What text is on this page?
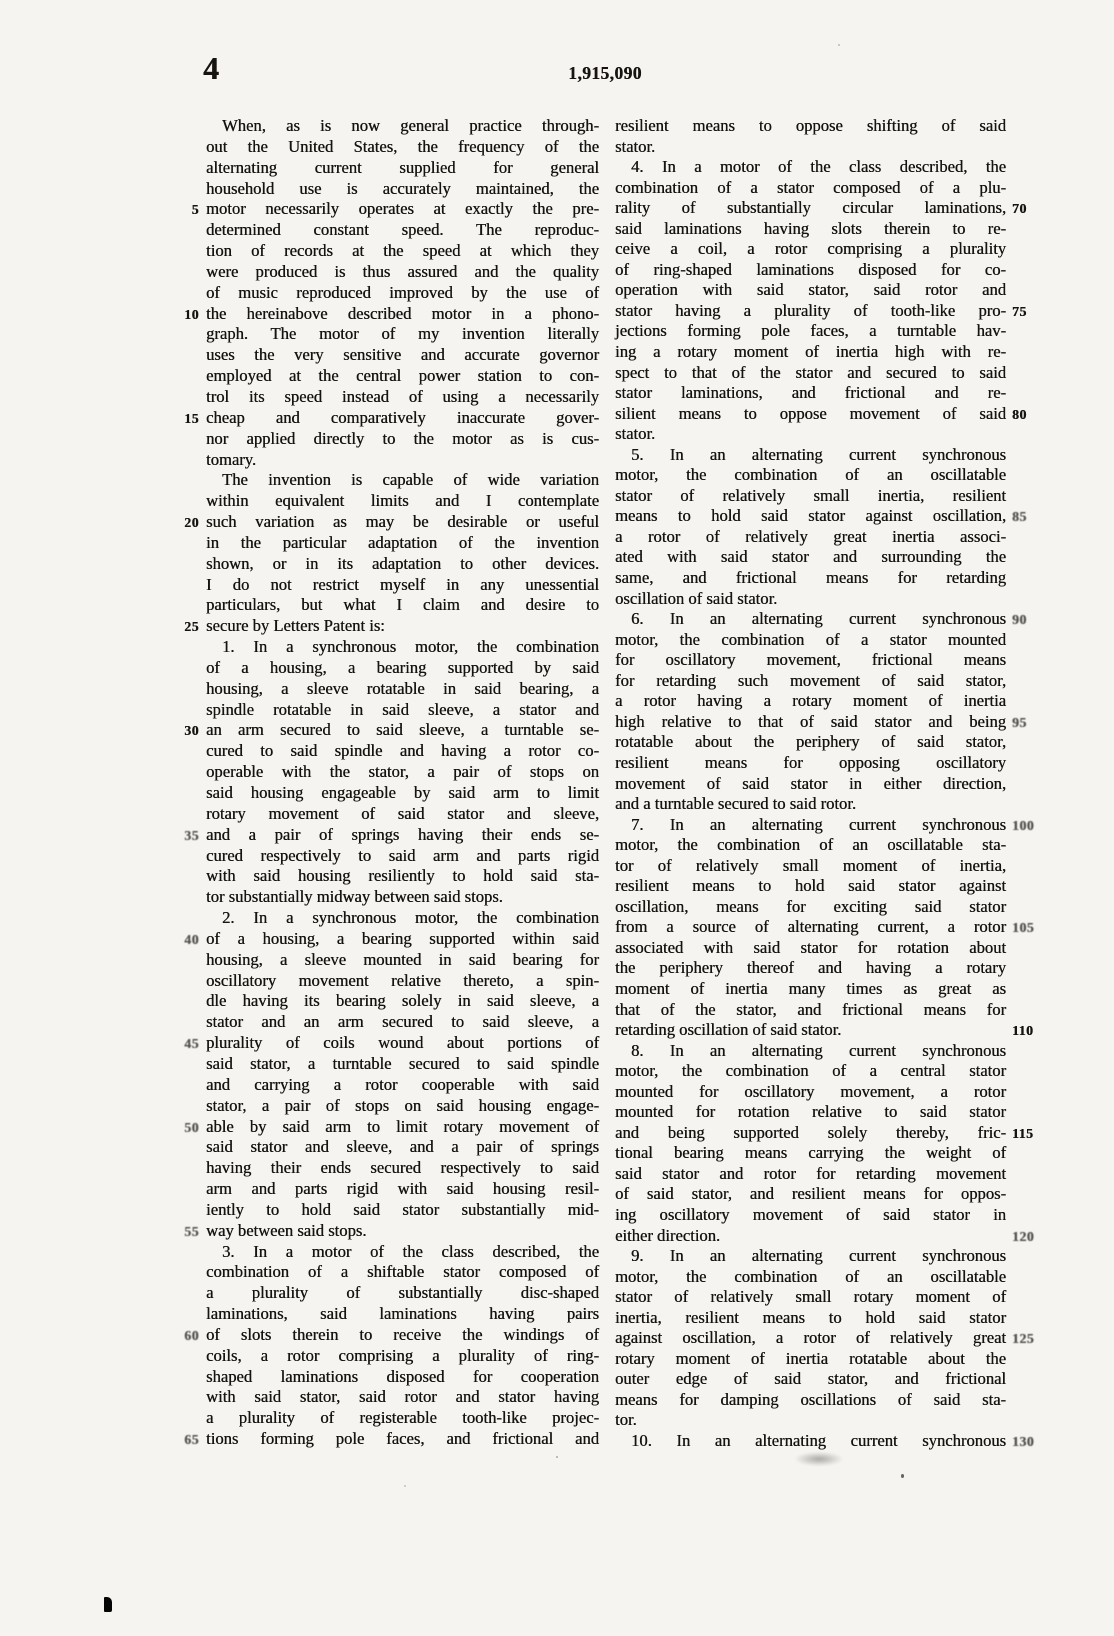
4	1,915,090
When, as is now general practice through-
out the United States, the frequency of the
alternating current supplied for general
household use is accurately maintained, the
motor necessarily operates at exactly the pre-
5
determined constant speed. The reproduc-
tion of records at the speed at which they
were produced is thus assured and the quality
of music reproduced improved by the use of
the hereinabove described motor in a phono-
10
graph. The motor of my invention literally
uses the very sensitive and accurate governor
employed at the central power station to con-
trol its speed instead of using a necessarily
cheap and comparatively inaccurate gover-
15
nor applied directly to the motor as is cus-
tomary.
The invention is capable of wide variation
within equivalent limits and I contemplate
such variation as may be desirable or useful
20
in the particular adaptation of the invention
shown, or in its adaptation to other devices.
I do not restrict myself in any unessential
particulars, but what I claim and desire to
secure by Letters Patent is:
25
1. In a synchronous motor, the combination
of a housing, a bearing supported by said
housing, a sleeve rotatable in said bearing, a
spindle rotatable in said sleeve, a stator and
an arm secured to said sleeve, a turntable se-
30
cured to said spindle and having a rotor co-
operable with the stator, a pair of stops on
said housing engageable by said arm to limit
rotary movement of said stator and sleeve,
and a pair of springs having their ends se-
35
cured respectively to said arm and parts rigid
with said housing resiliently to hold said sta-
tor substantially midway between said stops.
2. In a synchronous motor, the combination
of a housing, a bearing supported within said
40
housing, a sleeve mounted in said bearing for
oscillatory movement relative thereto, a spin-
dle having its bearing solely in said sleeve, a
stator and an arm secured to said sleeve, a
plurality of coils wound about portions of
45
said stator, a turntable secured to said spindle
and carrying a rotor cooperable with said
stator, a pair of stops on said housing engage-
able by said arm to limit rotary movement of
50
said stator and sleeve, and a pair of springs
having their ends secured respectively to said
arm and parts rigid with said housing resil-
iently to hold said stator substantially mid-
way between said stops.
55
3. In a motor of the class described, the
combination of a shiftable stator composed of
a plurality of substantially disc-shaped
laminations, said laminations having pairs
of slots therein to receive the windings of
60
coils, a rotor comprising a plurality of ring-
shaped laminations disposed for cooperation
with said stator, said rotor and stator having
a plurality of registerable tooth-like projec-
tions forming pole faces, and frictional and
65
resilient means to oppose shifting of said
stator.
4. In a motor of the class described, the
combination of a stator composed of a plu-
rality of substantially circular laminations, 70
said laminations having slots therein to re-
ceive a coil, a rotor comprising a plurality
of ring-shaped laminations disposed for co-
operation with said stator, said rotor and
stator having a plurality of tooth-like pro- 75
jections forming pole faces, a turntable hav-
ing a rotary moment of inertia high with re-
spect to that of the stator and secured to said
stator laminations, and frictional and re-
silient means to oppose movement of said 80
stator.
5. In an alternating current synchronous
motor, the combination of an oscillatable
stator of relatively small inertia, resilient
means to hold said stator against oscillation, 85
a rotor of relatively great inertia associ-
ated with said stator and surrounding the
same, and frictional means for retarding
oscillation of said stator.
6. In an alternating current synchronous 90
motor, the combination of a stator mounted
for oscillatory movement, frictional means
for retarding such movement of said stator,
a rotor having a rotary moment of inertia
high relative to that of said stator and being 95
rotatable about the periphery of said stator,
resilient means for opposing oscillatory
movement of said stator in either direction,
and a turntable secured to said rotor.
7. In an alternating current synchronous 100
motor, the combination of an oscillatable sta-
tor of relatively small moment of inertia,
resilient means to hold said stator against
oscillation, means for exciting said stator
from a source of alternating current, a rotor 105
associated with said stator for rotation about
the periphery thereof and having a rotary
moment of inertia many times as great as
that of the stator, and frictional means for
retarding oscillation of said stator.	110
8. In an alternating current synchronous
motor, the combination of a central stator
mounted for oscillatory movement, a rotor
mounted for rotation relative to said stator
and being supported solely thereby, fric- 115
tional bearing means carrying the weight of
said stator and rotor for retarding movement
of said stator, and resilient means for oppos-
ing oscillatory movement of said stator in
either direction.	120
9. In an alternating current synchronous
motor, the combination of an oscillatable
stator of relatively small rotary moment of
inertia, resilient means to hold said stator
against oscillation, a rotor of relatively great 125
rotary moment of inertia rotatable about the
outer edge of said stator, and frictional
means for damping oscillations of said sta-
tor.
10. In an alternating current synchronous 130
